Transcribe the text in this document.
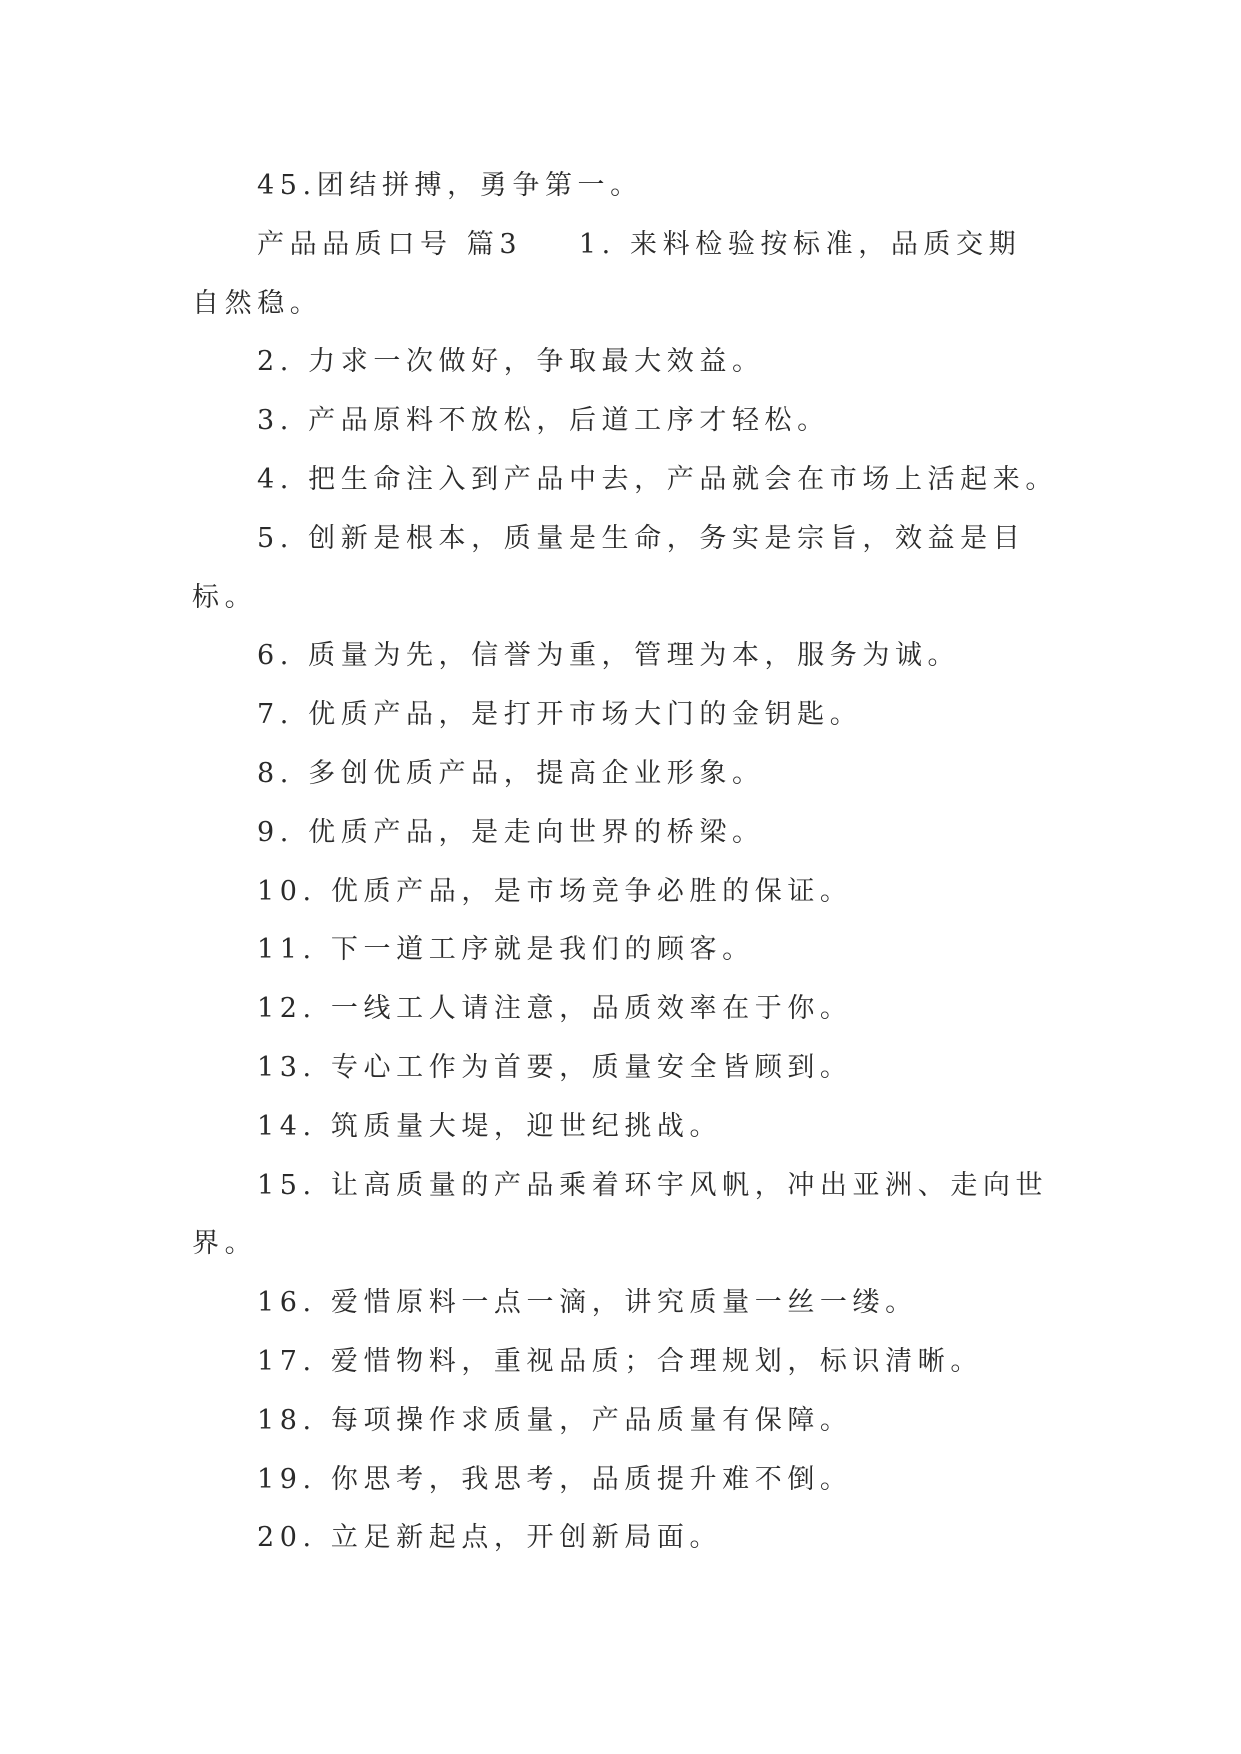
45.团结拼搏，勇争第一。

产品品质口号 篇3    1. 来料检验按标准，品质交期
自然稳。

2. 力求一次做好，争取最大效益。

3. 产品原料不放松，后道工序才轻松。

4. 把生命注入到产品中去，产品就会在市场上活起来。

5. 创新是根本，质量是生命，务实是宗旨，效益是目
标。

6. 质量为先，信誉为重，管理为本，服务为诚。

7. 优质产品，是打开市场大门的金钥匙。

8. 多创优质产品，提高企业形象。

9. 优质产品，是走向世界的桥梁。

10. 优质产品，是市场竞争必胜的保证。

11. 下一道工序就是我们的顾客。

12. 一线工人请注意，品质效率在于你。

13. 专心工作为首要，质量安全皆顾到。

14. 筑质量大堤，迎世纪挑战。

15. 让高质量的产品乘着环宇风帆，冲出亚洲、走向世
界。

16. 爱惜原料一点一滴，讲究质量一丝一缕。

17. 爱惜物料，重视品质；合理规划，标识清晰。

18. 每项操作求质量，产品质量有保障。

19. 你思考，我思考，品质提升难不倒。

20. 立足新起点，开创新局面。
